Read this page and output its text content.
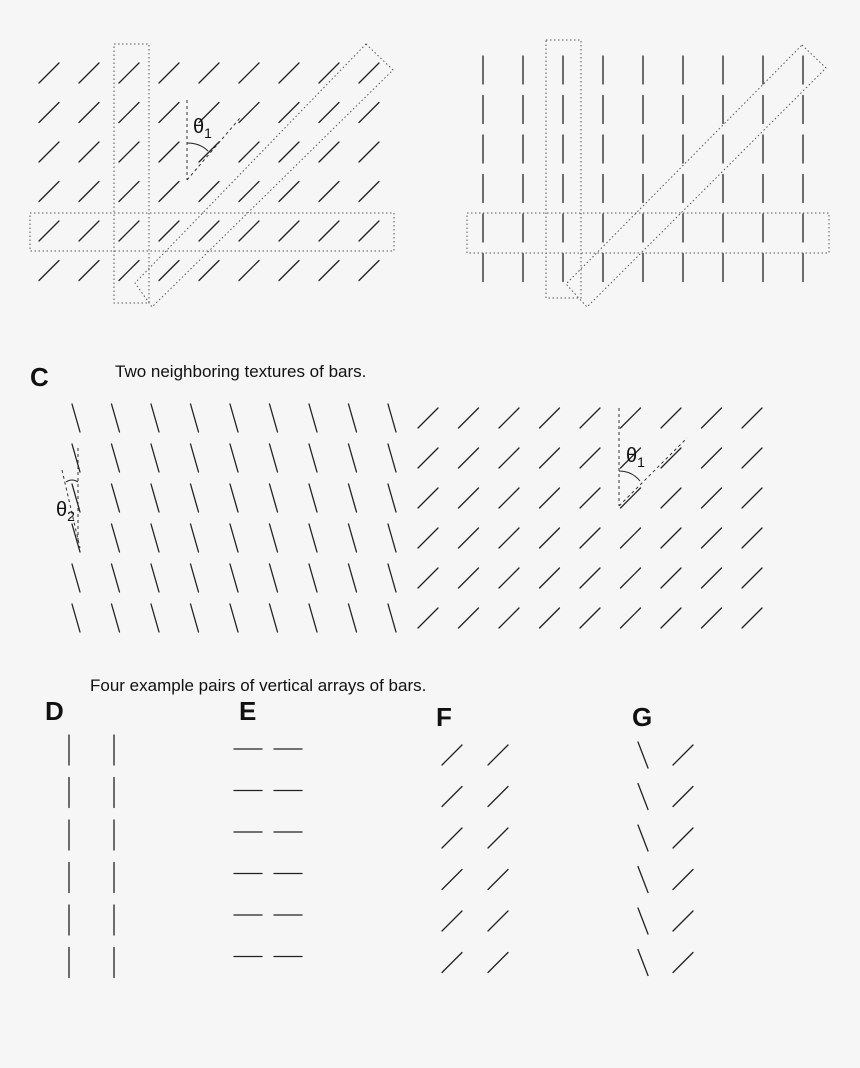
$\theta_1$
C	Two neighboring textures of bars.
$\theta_1$
$\theta_2$
Four example pairs of vertical arrays of bars.
D	E	F	G
